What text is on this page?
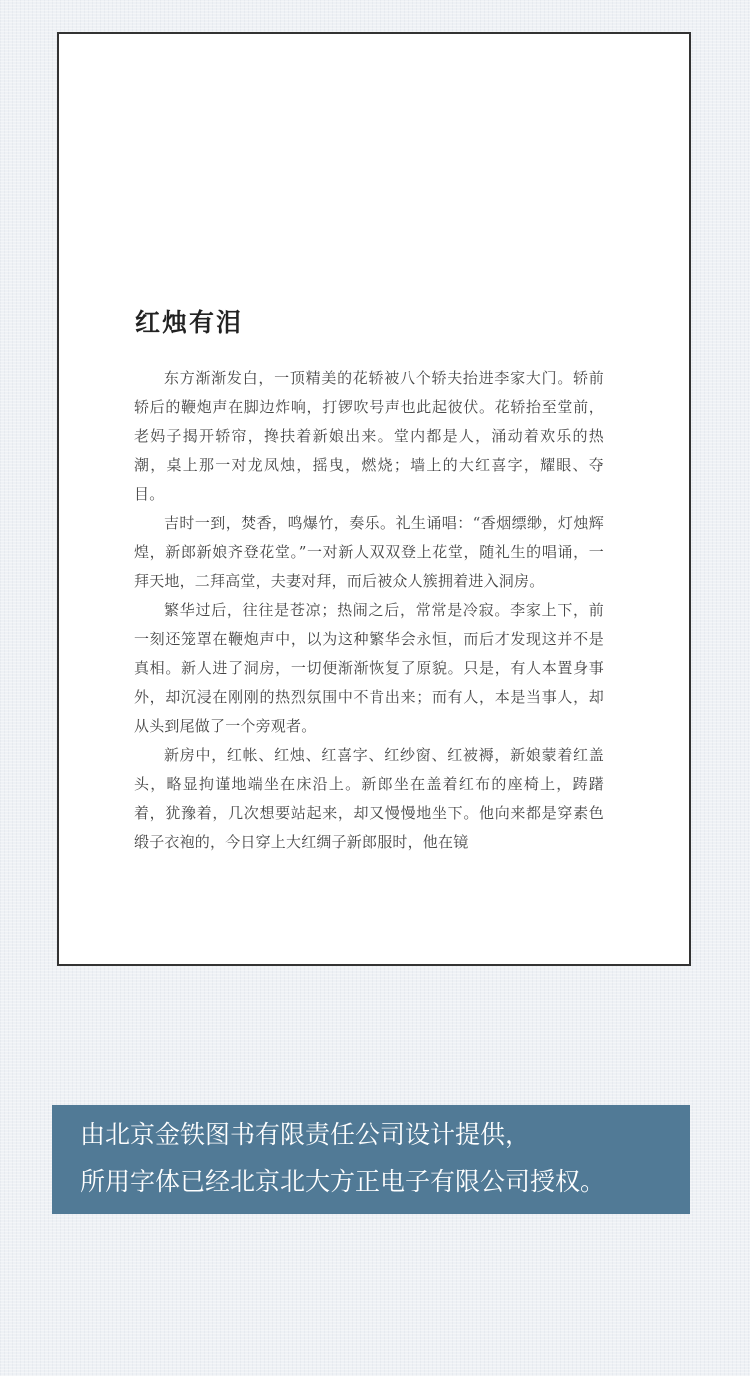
红烛有泪

东方渐渐发白，一顶精美的花轿被八个轿夫抬进李家大门。轿前轿后的鞭炮声在脚边炸响，打锣吹号声也此起彼伏。花轿抬至堂前，老妈子揭开轿帘，搀扶着新娘出来。堂内都是人，涌动着欢乐的热潮，桌上那一对龙凤烛，摇曳，燃烧；墙上的大红喜字，耀眼、夺目。

吉时一到，焚香，鸣爆竹，奏乐。礼生诵唱：“香烟缥缈，灯烛辉煌，新郎新娘齐登花堂。”一对新人双双登上花堂，随礼生的唱诵，一拜天地，二拜高堂，夫妻对拜，而后被众人簇拥着进入洞房。

繁华过后，往往是苍凉；热闹之后，常常是冷寂。李家上下，前一刻还笼罩在鞭炮声中，以为这种繁华会永恒，而后才发现这并不是真相。新人进了洞房，一切便渐渐恢复了原貌。只是，有人本置身事外，却沉浸在刚刚的热烈氛围中不肯出来；而有人，本是当事人，却从头到尾做了一个旁观者。

新房中，红帐、红烛、红喜字、红纱窗、红被褥，新娘蒙着红盖头，略显拘谨地端坐在床沿上。新郎坐在盖着红布的座椅上，踌躇着，犹豫着，几次想要站起来，却又慢慢地坐下。他向来都是穿素色缎子衣袍的，今日穿上大红绸子新郎服时，他在镜

由北京金铁图书有限责任公司设计提供，

所用字体已经北京北大方正电子有限公司授权。
